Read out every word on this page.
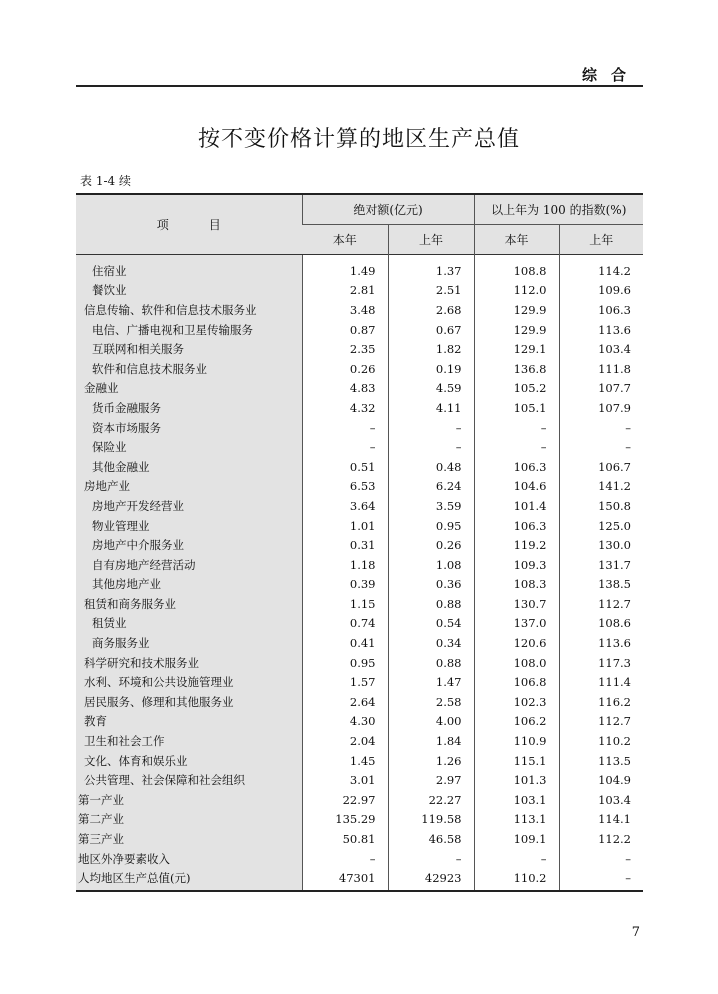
综合
按不变价格计算的地区生产总值
表 1-4 续
项目	绝对额(亿元)		以上年为 100 的指数(%)	
	本年	上年	本年	上年
住宿业	1.49	1.37	108.8	114.2
餐饮业	2.81	2.51	112.0	109.6
信息传输、软件和信息技术服务业	3.48	2.68	129.9	106.3
电信、广播电视和卫星传输服务	0.87	0.67	129.9	113.6
互联网和相关服务	2.35	1.82	129.1	103.4
软件和信息技术服务业	0.26	0.19	136.8	111.8
金融业	4.83	4.59	105.2	107.7
货币金融服务	4.32	4.11	105.1	107.9
资本市场服务	–	–	–	–
保险业	–	–	–	–
其他金融业	0.51	0.48	106.3	106.7
房地产业	6.53	6.24	104.6	141.2
房地产开发经营业	3.64	3.59	101.4	150.8
物业管理业	1.01	0.95	106.3	125.0
房地产中介服务业	0.31	0.26	119.2	130.0
自有房地产经营活动	1.18	1.08	109.3	131.7
其他房地产业	0.39	0.36	108.3	138.5
租赁和商务服务业	1.15	0.88	130.7	112.7
租赁业	0.74	0.54	137.0	108.6
商务服务业	0.41	0.34	120.6	113.6
科学研究和技术服务业	0.95	0.88	108.0	117.3
水利、环境和公共设施管理业	1.57	1.47	106.8	111.4
居民服务、修理和其他服务业	2.64	2.58	102.3	116.2
教育	4.30	4.00	106.2	112.7
卫生和社会工作	2.04	1.84	110.9	110.2
文化、体育和娱乐业	1.45	1.26	115.1	113.5
公共管理、社会保障和社会组织	3.01	2.97	101.3	104.9
第一产业	22.97	22.27	103.1	103.4
第二产业	135.29	119.58	113.1	114.1
第三产业	50.81	46.58	109.1	112.2
地区外净要素收入	–	–	–	–
人均地区生产总值(元)	47301	42923	110.2	–
7
